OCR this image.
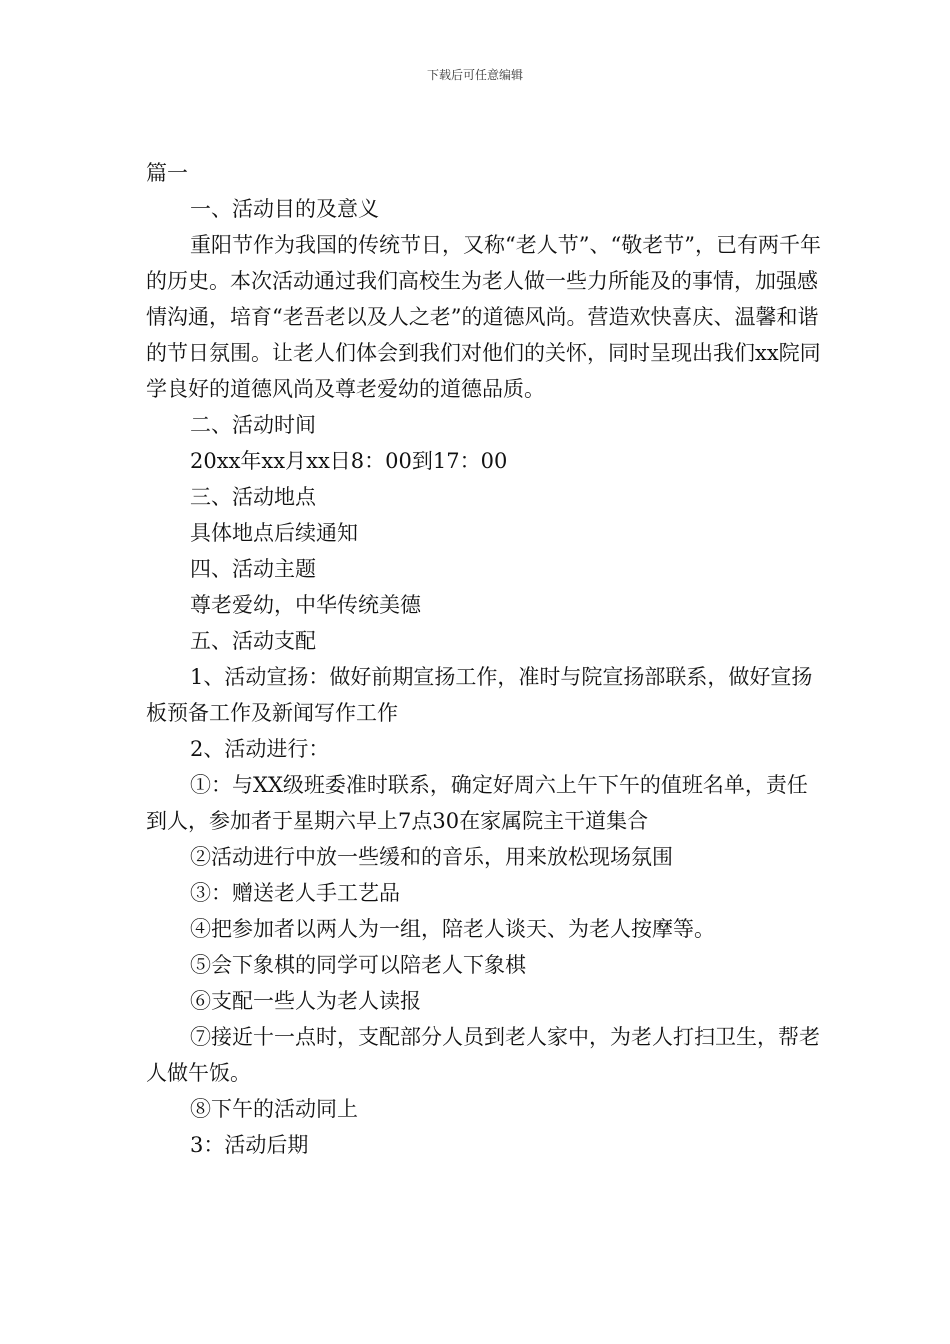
下载后可任意编辑

篇一

一、活动目的及意义

重阳节作为我国的传统节日，又称“老人节”、“敬老节”，已有两千年的历史。本次活动通过我们高校生为老人做一些力所能及的事情，加强感情沟通，培育“老吾老以及人之老”的道德风尚。营造欢快喜庆、温馨和谐的节日氛围。让老人们体会到我们对他们的关怀，同时呈现出我们xx院同学良好的道德风尚及尊老爱幼的道德品质。

二、活动时间

20xx年xx月xx日8：00到17：00

三、活动地点

具体地点后续通知

四、活动主题

尊老爱幼，中华传统美德

五、活动支配

1、活动宣扬：做好前期宣扬工作，准时与院宣扬部联系，做好宣扬板预备工作及新闻写作工作

2、活动进行：

①：与XX级班委准时联系，确定好周六上午下午的值班名单，责任到人，参加者于星期六早上7点30在家属院主干道集合

②活动进行中放一些缓和的音乐，用来放松现场氛围

③：赠送老人手工艺品

④把参加者以两人为一组，陪老人谈天、为老人按摩等。

⑤会下象棋的同学可以陪老人下象棋

⑥支配一些人为老人读报

⑦接近十一点时，支配部分人员到老人家中，为老人打扫卫生，帮老人做午饭。

⑧下午的活动同上

3：活动后期
